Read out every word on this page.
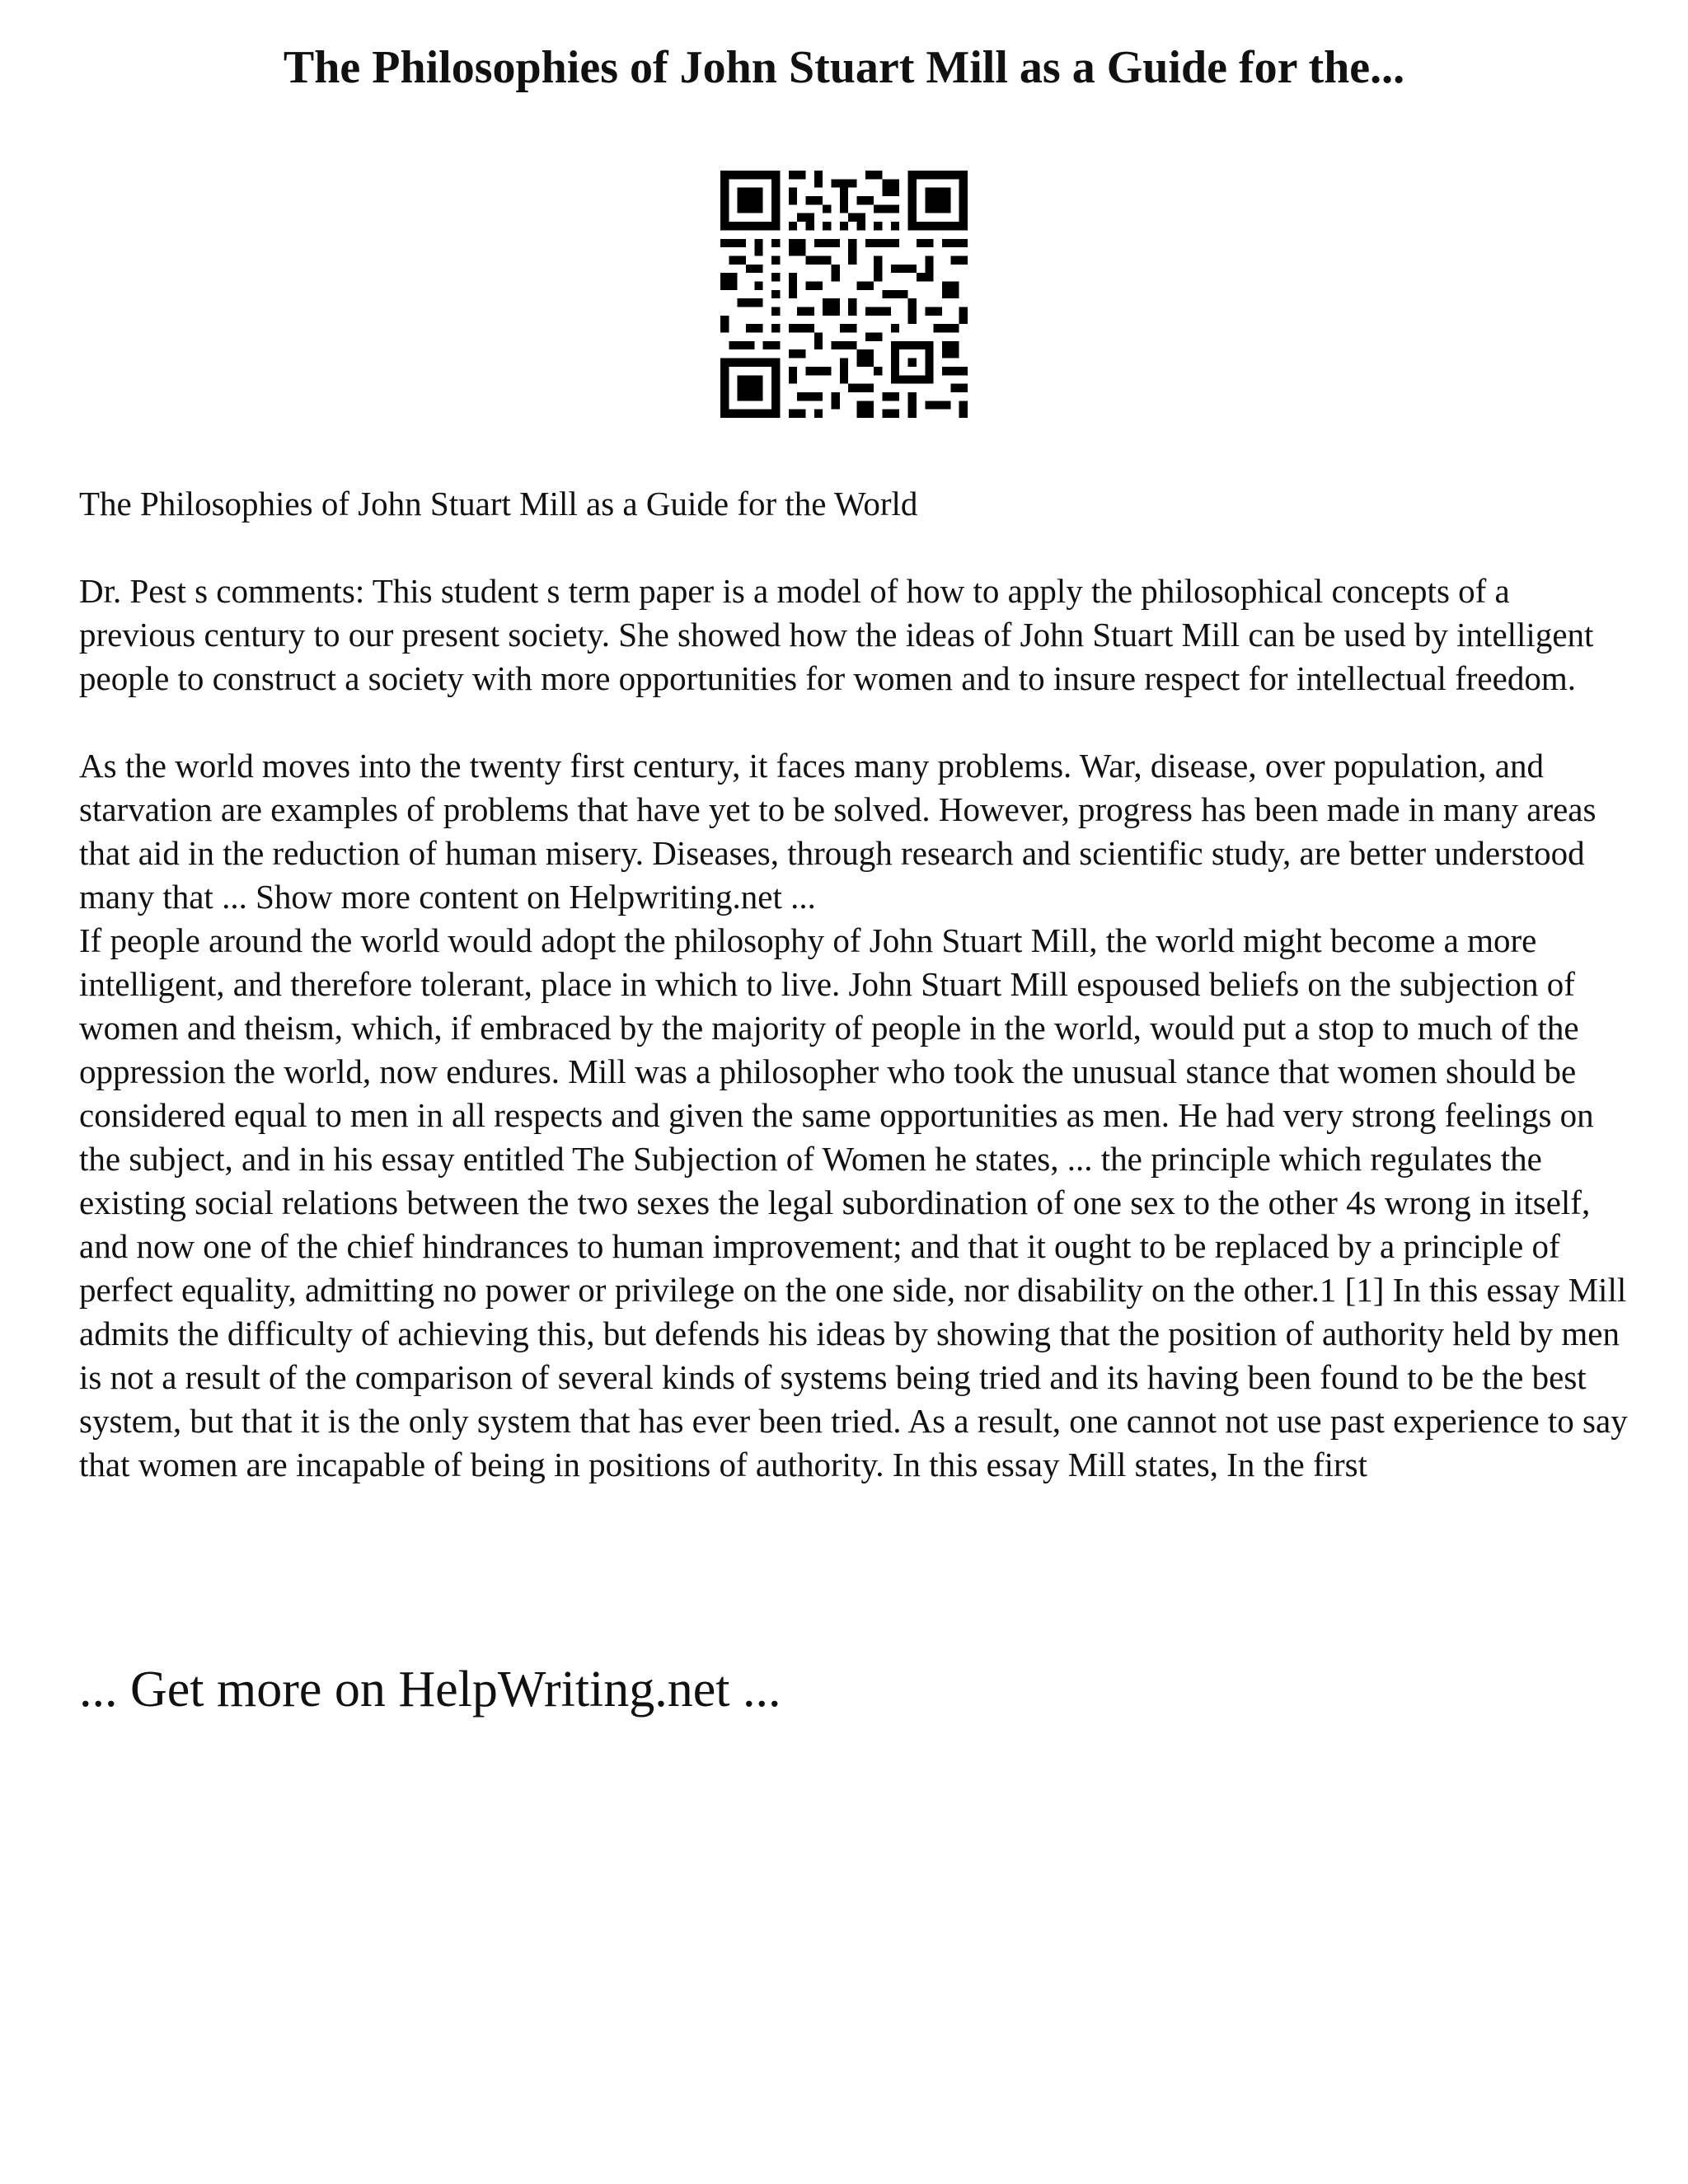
The Philosophies of John Stuart Mill as a Guide for the...

The Philosophies of John Stuart Mill as a Guide for the World

Dr. Pest s comments: This student s term paper is a model of how to apply the philosophical concepts of a previous century to our present society. She showed how the ideas of John Stuart Mill can be used by intelligent people to construct a society with more opportunities for women and to insure respect for intellectual freedom.

As the world moves into the twenty first century, it faces many problems. War, disease, over population, and starvation are examples of problems that have yet to be solved. However, progress has been made in many areas that aid in the reduction of human misery. Diseases, through research and scientific study, are better understood many that ... Show more content on Helpwriting.net ...

If people around the world would adopt the philosophy of John Stuart Mill, the world might become a more intelligent, and therefore tolerant, place in which to live. John Stuart Mill espoused beliefs on the subjection of women and theism, which, if embraced by the majority of people in the world, would put a stop to much of the oppression the world, now endures. Mill was a philosopher who took the unusual stance that women should be considered equal to men in all respects and given the same opportunities as men. He had very strong feelings on the subject, and in his essay entitled The Subjection of Women he states, ... the principle which regulates the existing social relations between the two sexes the legal subordination of one sex to the other 4s wrong in itself, and now one of the chief hindrances to human improvement; and that it ought to be replaced by a principle of perfect equality, admitting no power or privilege on the one side, nor disability on the other.1 [1] In this essay Mill admits the difficulty of achieving this, but defends his ideas by showing that the position of authority held by men is not a result of the comparison of several kinds of systems being tried and its having been found to be the best system, but that it is the only system that has ever been tried. As a result, one cannot not use past experience to say that women are incapable of being in positions of authority. In this essay Mill states, In the first

... Get more on HelpWriting.net ...
